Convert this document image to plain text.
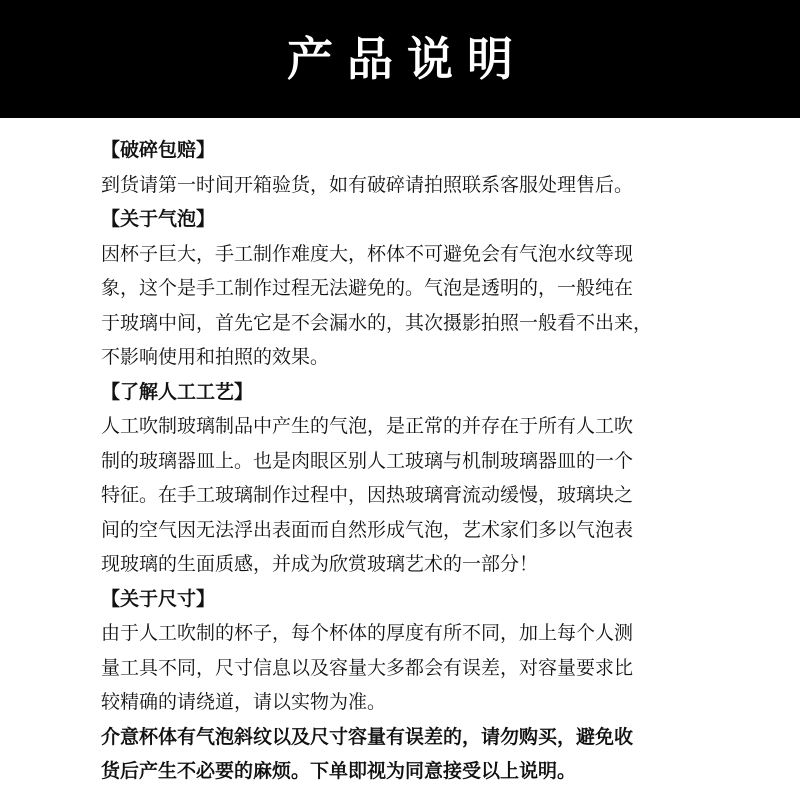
产品说明
【破碎包赔】
到货请第一时间开箱验货，如有破碎请拍照联系客服处理售后。
【关于气泡】
因杯子巨大，手工制作难度大，杯体不可避免会有气泡水纹等现
象，这个是手工制作过程无法避免的。气泡是透明的，一般纯在
于玻璃中间，首先它是不会漏水的，其次摄影拍照一般看不出来，
不影响使用和拍照的效果。
【了解人工工艺】
人工吹制玻璃制品中产生的气泡，是正常的并存在于所有人工吹
制的玻璃器皿上。也是肉眼区别人工玻璃与机制玻璃器皿的一个
特征。在手工玻璃制作过程中，因热玻璃膏流动缓慢，玻璃块之
间的空气因无法浮出表面而自然形成气泡，艺术家们多以气泡表
现玻璃的生面质感，并成为欣赏玻璃艺术的一部分！
【关于尺寸】
由于人工吹制的杯子，每个杯体的厚度有所不同，加上每个人测
量工具不同，尺寸信息以及容量大多都会有误差，对容量要求比
较精确的请绕道，请以实物为准。
介意杯体有气泡斜纹以及尺寸容量有误差的，请勿购买，避免收
货后产生不必要的麻烦。下单即视为同意接受以上说明。
